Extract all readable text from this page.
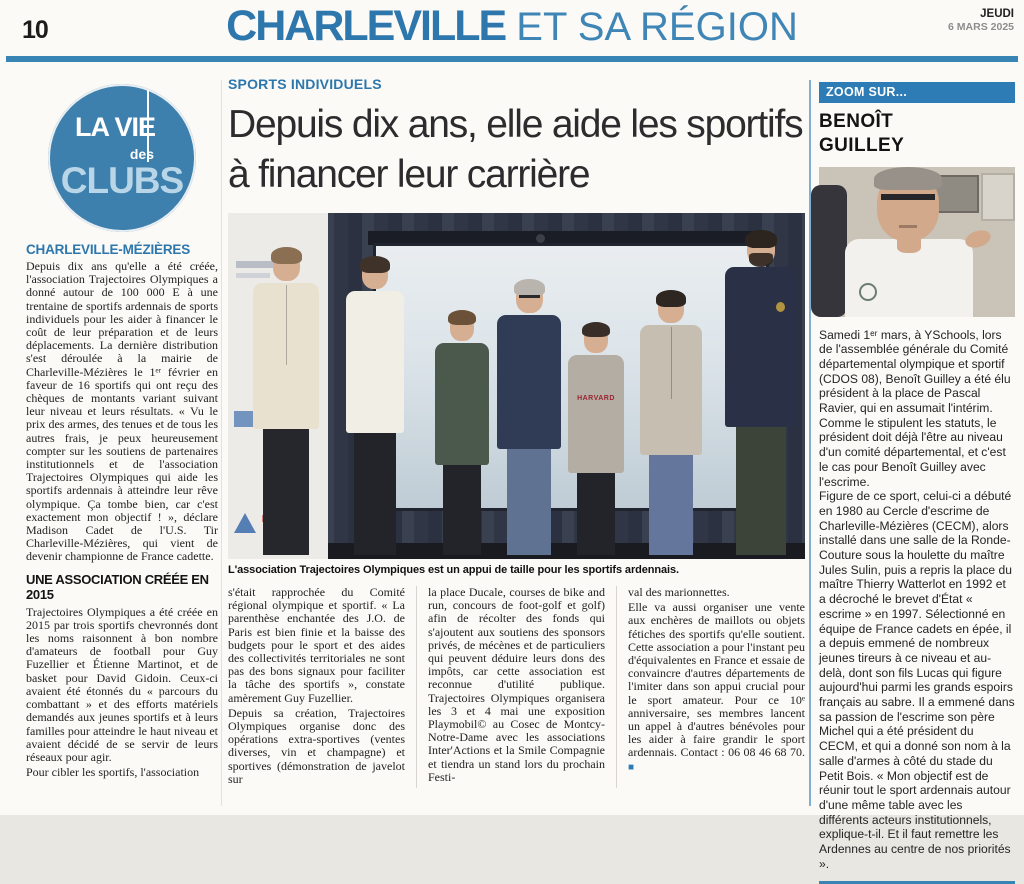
10	CHARLEVILLE ET SA RÉGION	JEUDI
6 MARS 2025
LA VIE
des
CLUBS
CHARLEVILLE-MÉZIÈRES

Depuis dix ans qu'elle a été créée, l'association Trajectoires Olympiques a donné autour de 100 000 E à une trentaine de sportifs ardennais de sports individuels pour les aider à financer le coût de leur préparation et de leurs déplacements. La dernière distribution s'est déroulée à la mairie de Charleville-Mézières le 1ᵉʳ février en faveur de 16 sportifs qui ont reçu des chèques de montants variant suivant leur niveau et leurs résultats. « Vu le prix des armes, des tenues et de tous les autres frais, je peux heureusement compter sur les soutiens de partenaires institutionnels et de l'association Trajectoires Olympiques qui aide les sportifs ardennais à atteindre leur rêve olympique. Ça tombe bien, car c'est exactement mon objectif ! », déclare Madison Cadet de l'U.S. Tir Charleville-Mézières, qui vient de devenir championne de France cadette.

UNE ASSOCIATION CRÉÉE EN 2015

Trajectoires Olympiques a été créée en 2015 par trois sportifs chevronnés dont les noms raisonnent à bon nombre d'amateurs de football pour Guy Fuzellier et Étienne Martinot, et de basket pour David Gidoin. Ceux-ci avaient été étonnés du « parcours du combattant » et des efforts matériels demandés aux jeunes sportifs et à leurs familles pour atteindre le haut niveau et avaient décidé de se servir de leurs réseaux pour agir.

Pour cibler les sportifs, l'association

SPORTS INDIVIDUELS
Depuis dix ans, elle aide les sportifs à financer leur carrière
HARVARD
L'association Trajectoires Olympiques est un appui de taille pour les sportifs ardennais.

s'était rapprochée du Comité régional olympique et sportif. « La parenthèse enchantée des J.O. de Paris est bien finie et la baisse des budgets pour le sport et des aides des collectivités territoriales ne sont pas des bons signaux pour faciliter la tâche des sportifs », constate amèrement Guy Fuzellier.

Depuis sa création, Trajectoires Olympiques organise donc des opérations extra-sportives (ventes diverses, vin et champagne) et sportives (démonstration de javelot sur

la place Ducale, courses de bike and run, concours de foot-golf et golf) afin de récolter des fonds qui s'ajoutent aux soutiens des sponsors privés, de mécènes et de particuliers qui peuvent déduire leurs dons des impôts, car cette association est reconnue d'utilité publique. Trajectoires Olympiques organisera les 3 et 4 mai une exposition Playmobil© au Cosec de Montcy-Notre-Dame avec les associations Inter'Actions et la Smile Compagnie et tiendra un stand lors du prochain Festi-

val des marionnettes.

Elle va aussi organiser une vente aux enchères de maillots ou objets fétiches des sportifs qu'elle soutient. Cette association a pour l'instant peu d'équivalentes en France et essaie de convaincre d'autres départements de l'imiter dans son appui crucial pour le sport amateur. Pour ce 10ᵉ anniversaire, ses membres lancent un appel à d'autres bénévoles pour les aider à faire grandir le sport ardennais. Contact : 06 08 46 68 70. ■

ZOOM SUR...
BENOÎT
GUILLEY

Samedi 1ᵉʳ mars, à YSchools, lors de l'assemblée générale du Comité départemental olympique et sportif (CDOS 08), Benoît Guilley a été élu président à la place de Pascal Ravier, qui en assumait l'intérim. Comme le stipulent les statuts, le président doit déjà l'être au niveau d'un comité départemental, et c'est le cas pour Benoît Guilley avec l'escrime.

Figure de ce sport, celui-ci a débuté en 1980 au Cercle d'escrime de Charleville-Mézières (CECM), alors installé dans une salle de la Ronde-Couture sous la houlette du maître Jules Sulin, puis a repris la place du maître Thierry Watterlot en 1992 et a décroché le brevet d'État « escrime » en 1997. Sélectionné en équipe de France cadets en épée, il a depuis emmené de nombreux jeunes tireurs à ce niveau et au-delà, dont son fils Lucas qui figure aujourd'hui parmi les grands espoirs français au sabre. Il a emmené dans sa passion de l'escrime son père Michel qui a été président du CECM, et qui a donné son nom à la salle d'armes à côté du stade du Petit Bois. « Mon objectif est de réunir tout le sport ardennais autour d'une même table avec les différents acteurs institutionnels, explique-t-il. Et il faut remettre les Ardennes au centre de nos priorités ».
